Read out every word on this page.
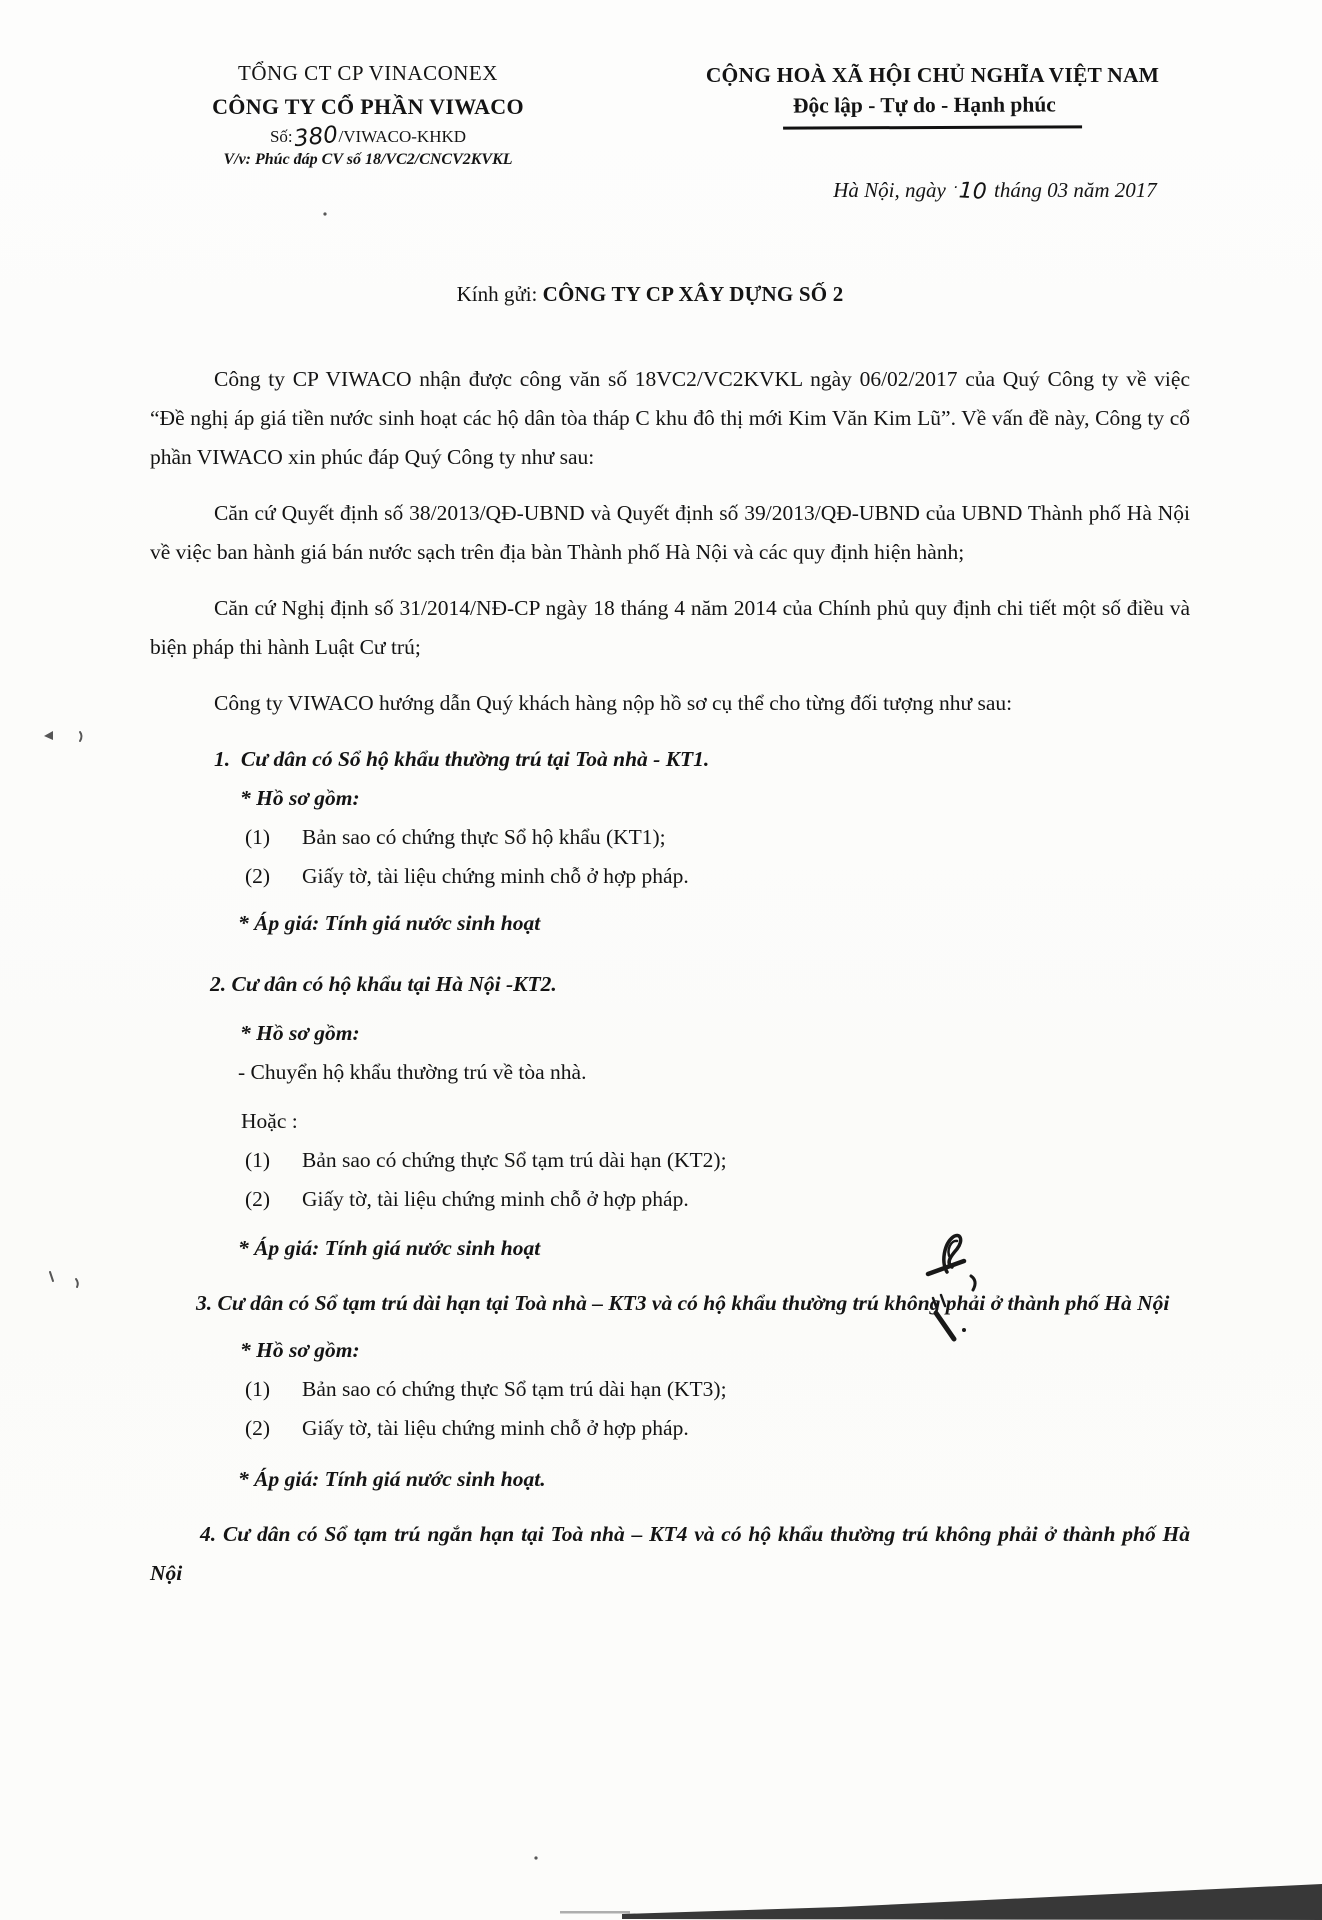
TỔNG CT CP VINACONEX
CÔNG TY CỔ PHẦN VIWACO
Số:380/VIWACO-KHKD
V/v: Phúc đáp CV số 18/VC2/CNCV2KVKL
CỘNG HOÀ XÃ HỘI CHỦ NGHĨA VIỆT NAM
Độc lập - Tự do - Hạnh phúc
Hà Nội, ngày · 10 tháng 03 năm 2017
Kính gửi: CÔNG TY CP XÂY DỰNG SỐ 2

Công ty CP VIWACO nhận được công văn số 18VC2/VC2KVKL ngày 06/02/2017 của Quý Công ty về việc “Đề nghị áp giá tiền nước sinh hoạt các hộ dân tòa tháp C khu đô thị mới Kim Văn Kim Lũ”. Về vấn đề này, Công ty cổ phần VIWACO xin phúc đáp Quý Công ty như sau:

Căn cứ Quyết định số 38/2013/QĐ-UBND và Quyết định số 39/2013/QĐ-UBND của UBND Thành phố Hà Nội về việc ban hành giá bán nước sạch trên địa bàn Thành phố Hà Nội và các quy định hiện hành;

Căn cứ Nghị định số 31/2014/NĐ-CP ngày 18 tháng 4 năm 2014 của Chính phủ quy định chi tiết một số điều và biện pháp thi hành Luật Cư trú;

Công ty VIWACO hướng dẫn Quý khách hàng nộp hồ sơ cụ thể cho từng đối tượng như sau:

1.  Cư dân có Sổ hộ khẩu thường trú tại Toà nhà - KT1.
* Hồ sơ gồm:
(1)	Bản sao có chứng thực Sổ hộ khẩu (KT1);
(2)	Giấy tờ, tài liệu chứng minh chỗ ở hợp pháp.
* Áp giá: Tính giá nước sinh hoạt
2. Cư dân có hộ khẩu tại Hà Nội -KT2.
* Hồ sơ gồm:
- Chuyển hộ khẩu thường trú về tòa nhà.
Hoặc :
(1)	Bản sao có chứng thực Sổ tạm trú dài hạn (KT2);
(2)	Giấy tờ, tài liệu chứng minh chỗ ở hợp pháp.
* Áp giá: Tính giá nước sinh hoạt
3. Cư dân có Sổ tạm trú dài hạn tại Toà nhà – KT3 và có hộ khẩu thường trú không phải ở thành phố Hà Nội
* Hồ sơ gồm:
(1)	Bản sao có chứng thực Sổ tạm trú dài hạn (KT3);
(2)	Giấy tờ, tài liệu chứng minh chỗ ở hợp pháp.
* Áp giá: Tính giá nước sinh hoạt.
4. Cư dân có Sổ tạm trú ngắn hạn tại Toà nhà – KT4 và có hộ khẩu thường trú không phải ở thành phố Hà Nội
